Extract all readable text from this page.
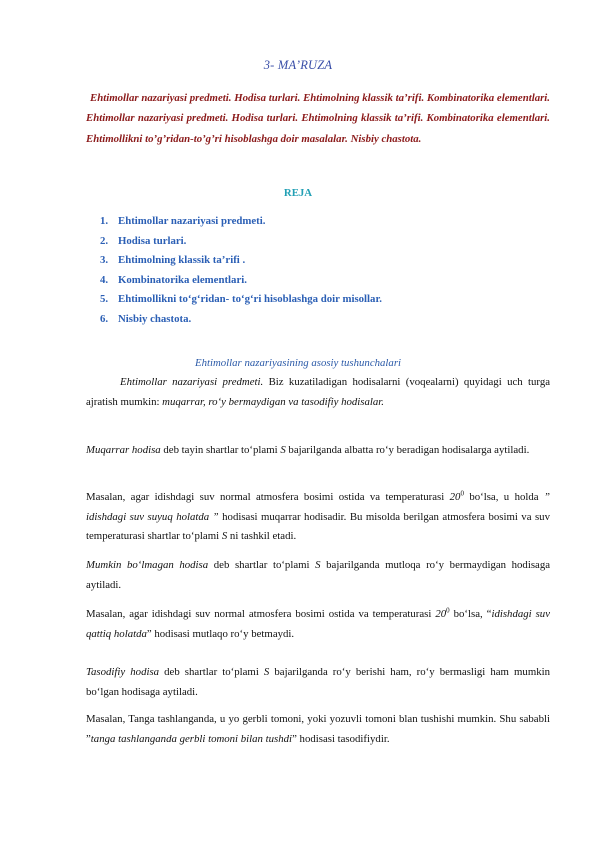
3- MA’RUZA
Ehtimollar nazariyasi predmeti. Hodisa turlari. Ehtimolning klassik ta’rifi. Kombinatorika elementlari. Ehtimollar nazariyasi predmeti. Hodisa turlari. Ehtimolning klassik ta’rifi. Kombinatorika elementlari. Ehtimollikni to’g’ridan-to’g’ri hisoblashga doir masalalar. Nisbiy chastota.
REJA
1. Ehtimollar nazariyasi predmeti.
2. Hodisa turlari.
3. Ehtimolning klassik ta’rifi .
4. Kombinatorika elementlari.
5. Ehtimollikni to‘g‘ridan- to‘g‘ri hisoblashga doir misollar.
6. Nisbiy chastota.
Ehtimollar nazariyasining asosiy tushunchalari

Ehtimollar nazariyasi predmeti. Biz kuzatiladigan hodisalarni (voqealarni) quyidagi uch turga ajratish mumkin: muqarrar, ro‘y bermaydigan va tasodifiy hodisalar.

Muqarrar hodisa deb tayin shartlar to‘plami S bajarilganda albatta ro‘y beradigan hodisalarga aytiladi.

Masalan, agar idishdagi suv normal atmosfera bosimi ostida va temperaturasi $20^0$ bo‘lsa, u holda ” idishdagi suv suyuq holatda ” hodisasi muqarrar hodisadir. Bu misolda berilgan atmosfera bosimi va suv temperaturasi shartlar to‘plami S ni tashkil etadi.

Mumkin bo‘lmagan hodisa deb shartlar to‘plami S bajarilganda mutloqa ro‘y bermaydigan hodisaga aytiladi.

Masalan, agar idishdagi suv normal atmosfera bosimi ostida va temperaturasi $20^0$ bo‘lsa, “idishdagi suv qattiq holatda” hodisasi mutlaqo ro‘y betmaydi.

Tasodifiy hodisa deb shartlar to‘plami S bajarilganda ro‘y berishi ham, ro‘y bermasligi ham mumkin bo‘lgan hodisaga aytiladi.

Masalan, Tanga tashlanganda, u yo gerbli tomoni, yoki yozuvli tomoni blan tushishi mumkin. Shu sababli ”tanga tashlanganda gerbli tomoni bilan tushdi” hodisasi tasodifiydir.
